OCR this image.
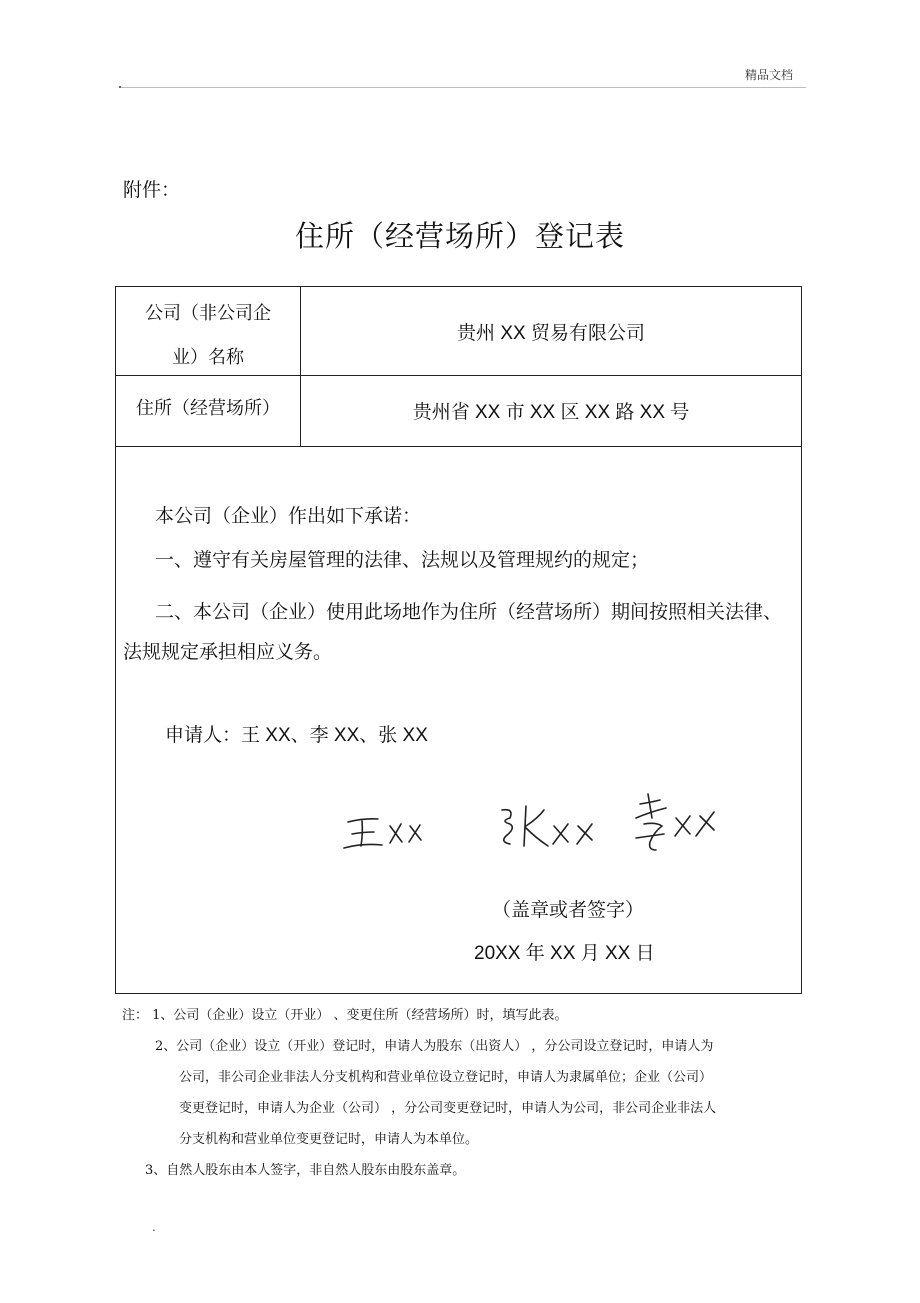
精品文档
附件：
住所（经营场所）登记表
公司（非公司企
业）名称
贵州 XX 贸易有限公司
住所（经营场所）	贵州省 XX 市 XX 区 XX 路 XX 号
本公司（企业）作出如下承诺：
一、遵守有关房屋管理的法律、法规以及管理规约的规定；
二、本公司（企业）使用此场地作为住所（经营场所）期间按照相关法律、法规规定承担相应义务。
申请人：王 XX、李 XX、张 XX
（盖章或者签字）
20XX 年 XX 月 XX 日
注： 1、公司（企业）设立（开业） 、变更住所（经营场所）时，填写此表。
2、公司（企业）设立（开业）登记时，申请人为股东（出资人） ，分公司设立登记时，申请人为
公司，非公司企业非法人分支机构和营业单位设立登记时，申请人为隶属单位；企业（公司）
变更登记时，申请人为企业（公司） ，分公司变更登记时，申请人为公司，非公司企业非法人
分支机构和营业单位变更登记时，申请人为本单位。
3、自然人股东由本人签字，非自然人股东由股东盖章。
.
